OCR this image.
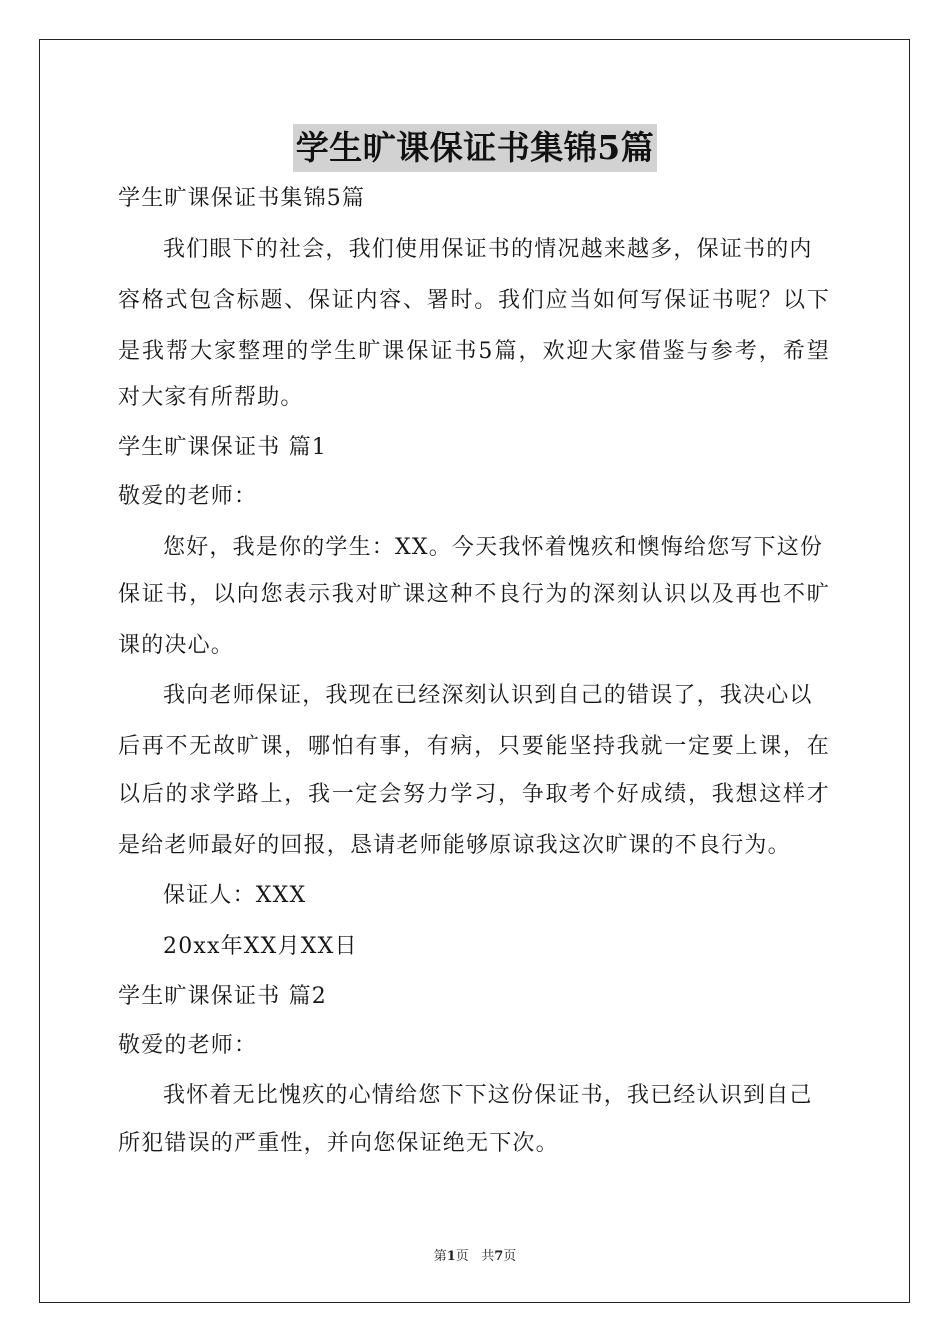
学生旷课保证书集锦5篇
学生旷课保证书集锦5篇
我们眼下的社会，我们使用保证书的情况越来越多，保证书的内
容格式包含标题、保证内容、署时。我们应当如何写保证书呢？以下
是我帮大家整理的学生旷课保证书5篇，欢迎大家借鉴与参考，希望
对大家有所帮助。
学生旷课保证书 篇1
敬爱的老师：
您好，我是你的学生：XX。今天我怀着愧疚和懊悔给您写下这份
保证书，以向您表示我对旷课这种不良行为的深刻认识以及再也不旷
课的决心。
我向老师保证，我现在已经深刻认识到自己的错误了，我决心以
后再不无故旷课，哪怕有事，有病，只要能坚持我就一定要上课，在
以后的求学路上，我一定会努力学习，争取考个好成绩，我想这样才
是给老师最好的回报，恳请老师能够原谅我这次旷课的不良行为。
保证人：XXX
20xx年XX月XX日
学生旷课保证书 篇2
敬爱的老师：
我怀着无比愧疚的心情给您下下这份保证书，我已经认识到自己
所犯错误的严重性，并向您保证绝无下次。
第1页 共7页
